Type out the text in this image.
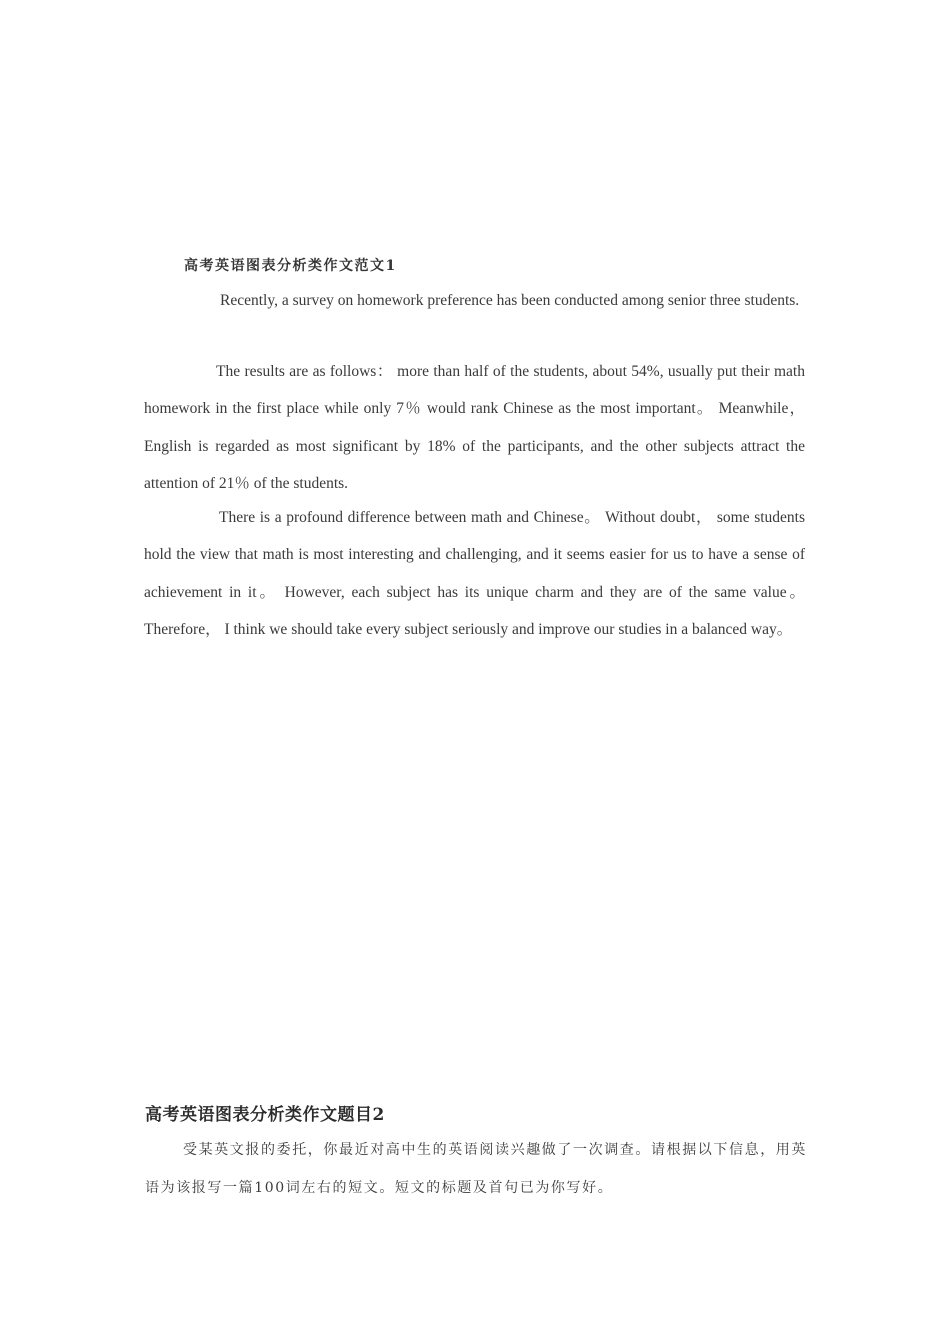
高考英语图表分析类作文范文1
Recently, a survey on homework preference has been conducted among senior three students.
The results are as follows： more than half of the students, about 54%, usually put their math homework in the first place while only 7％ would rank Chinese as the most important。 Meanwhile， English is regarded as most significant by 18% of the participants, and the other subjects attract the attention of 21％ of the students.
There is a profound difference between math and Chinese。 Without doubt， some students hold the view that math is most interesting and challenging, and it seems easier for us to have a sense of achievement in it。 However, each subject has its unique charm and they are of the same value。 Therefore， I think we should take every subject seriously and improve our studies in a balanced way。
高考英语图表分析类作文题目2
受某英文报的委托，你最近对高中生的英语阅读兴趣做了一次调查。请根据以下信息，用英语为该报写一篇100词左右的短文。短文的标题及首句已为你写好。
